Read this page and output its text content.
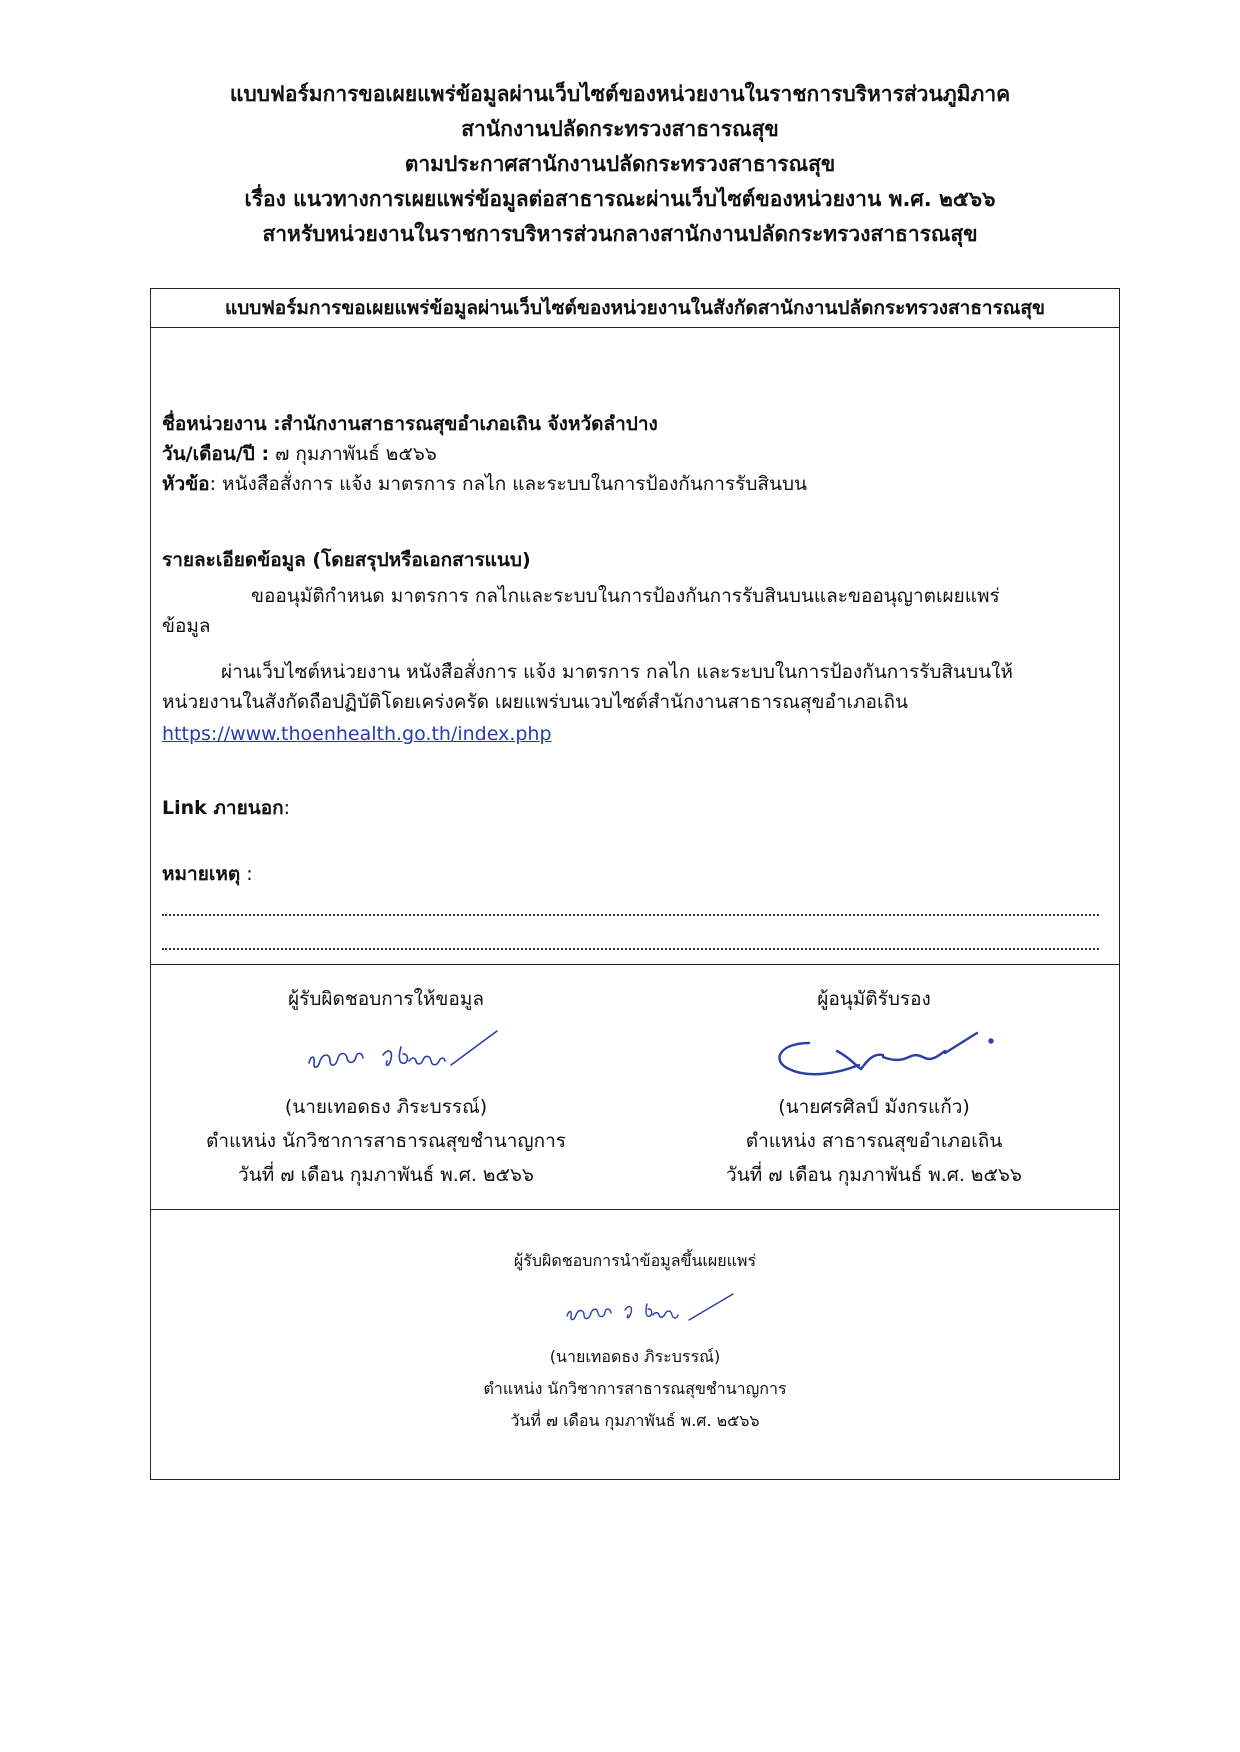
แบบฟอร์มการขอเผยแพร่ข้อมูลผ่านเว็บไซต์ของหน่วยงานในราชการบริหารส่วนภูมิภาค
สานักงานปลัดกระทรวงสาธารณสุข
ตามประกาศสานักงานปลัดกระทรวงสาธารณสุข
เรื่อง แนวทางการเผยแพร่ข้อมูลต่อสาธารณะผ่านเว็บไซต์ของหน่วยงาน พ.ศ. ๒๕๖๖
สาหรับหน่วยงานในราชการบริหารส่วนกลางสานักงานปลัดกระทรวงสาธารณสุข
แบบฟอร์มการขอเผยแพร่ข้อมูลผ่านเว็บไซต์ของหน่วยงานในสังกัดสานักงานปลัดกระทรวงสาธารณสุข
ชื่อหน่วยงาน :สำนักงานสาธารณสุขอำเภอเถิน จังหวัดลำปาง
วัน/เดือน/ปี : ๗ กุมภาพันธ์ ๒๕๖๖
หัวข้อ: หนังสือสั่งการ แจ้ง มาตรการ กลไก และระบบในการป้องกันการรับสินบน
รายละเอียดข้อมูล (โดยสรุปหรือเอกสารแนบ)
ขออนุมัติกำหนด มาตรการ กลไกและระบบในการป้องกันการรับสินบนและขออนุญาตเผยแพร่
ข้อมูล
ผ่านเว็บไซต์หน่วยงาน หนังสือสั่งการ แจ้ง มาตรการ กลไก และระบบในการป้องกันการรับสินบนให้
หน่วยงานในสังกัดถือปฏิบัติโดยเคร่งครัด เผยแพร่บนเวบไซต์สำนักงานสาธารณสุขอำเภอเถิน
https://www.thoenhealth.go.th/index.php
Link ภายนอก:
หมายเหตุ :
ผู้รับผิดชอบการให้ขอมูล
(นายเทอดธง ภิระบรรณ์)
ตำแหน่ง นักวิชาการสาธารณสุขชำนาญการ
วันที่ ๗ เดือน กุมภาพันธ์ พ.ศ. ๒๕๖๖
ผู้อนุมัติรับรอง
(นายศรศิลป์ มังกรแก้ว)
ตำแหน่ง สาธารณสุขอำเภอเถิน
วันที่ ๗ เดือน กุมภาพันธ์ พ.ศ. ๒๕๖๖
ผู้รับผิดชอบการนำข้อมูลขึ้นเผยแพร่
(นายเทอดธง ภิระบรรณ์)
ตำแหน่ง นักวิชาการสาธารณสุขชำนาญการ
วันที่ ๗ เดือน กุมภาพันธ์ พ.ศ. ๒๕๖๖
